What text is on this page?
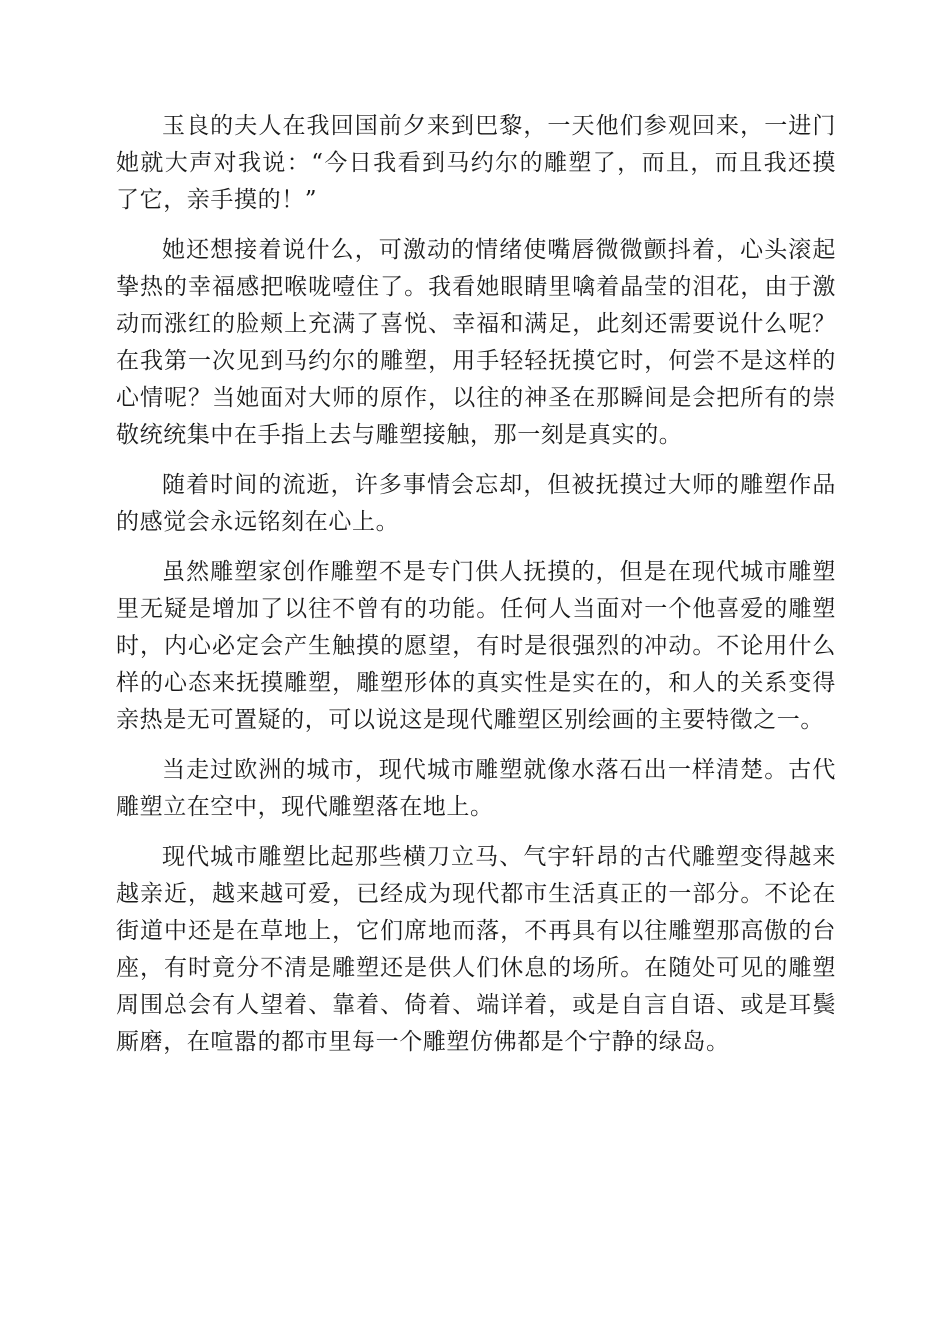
玉良的夫人在我回国前夕来到巴黎，一天他们参观回来，一进门她就大声对我说：“今日我看到马约尔的雕塑了，而且，而且我还摸了它，亲手摸的！”

她还想接着说什么，可激动的情绪使嘴唇微微颤抖着，心头滚起挚热的幸福感把喉咙噎住了。我看她眼睛里噙着晶莹的泪花，由于激动而涨红的脸颊上充满了喜悦、幸福和满足，此刻还需要说什么呢？在我第一次见到马约尔的雕塑，用手轻轻抚摸它时，何尝不是这样的心情呢？当她面对大师的原作，以往的神圣在那瞬间是会把所有的崇敬统统集中在手指上去与雕塑接触，那一刻是真实的。

随着时间的流逝，许多事情会忘却，但被抚摸过大师的雕塑作品的感觉会永远铭刻在心上。

虽然雕塑家创作雕塑不是专门供人抚摸的，但是在现代城市雕塑里无疑是增加了以往不曾有的功能。任何人当面对一个他喜爱的雕塑时，内心必定会产生触摸的愿望，有时是很强烈的冲动。不论用什么样的心态来抚摸雕塑，雕塑形体的真实性是实在的，和人的关系变得亲热是无可置疑的，可以说这是现代雕塑区别绘画的主要特徵之一。

当走过欧洲的城市，现代城市雕塑就像水落石出一样清楚。古代雕塑立在空中，现代雕塑落在地上。

现代城市雕塑比起那些横刀立马、气宇轩昂的古代雕塑变得越来越亲近，越来越可爱，已经成为现代都市生活真正的一部分。不论在街道中还是在草地上，它们席地而落，不再具有以往雕塑那高傲的台座，有时竟分不清是雕塑还是供人们休息的场所。在随处可见的雕塑周围总会有人望着、靠着、倚着、端详着，或是自言自语、或是耳鬓厮磨，在喧嚣的都市里每一个雕塑仿佛都是个宁静的绿岛。
